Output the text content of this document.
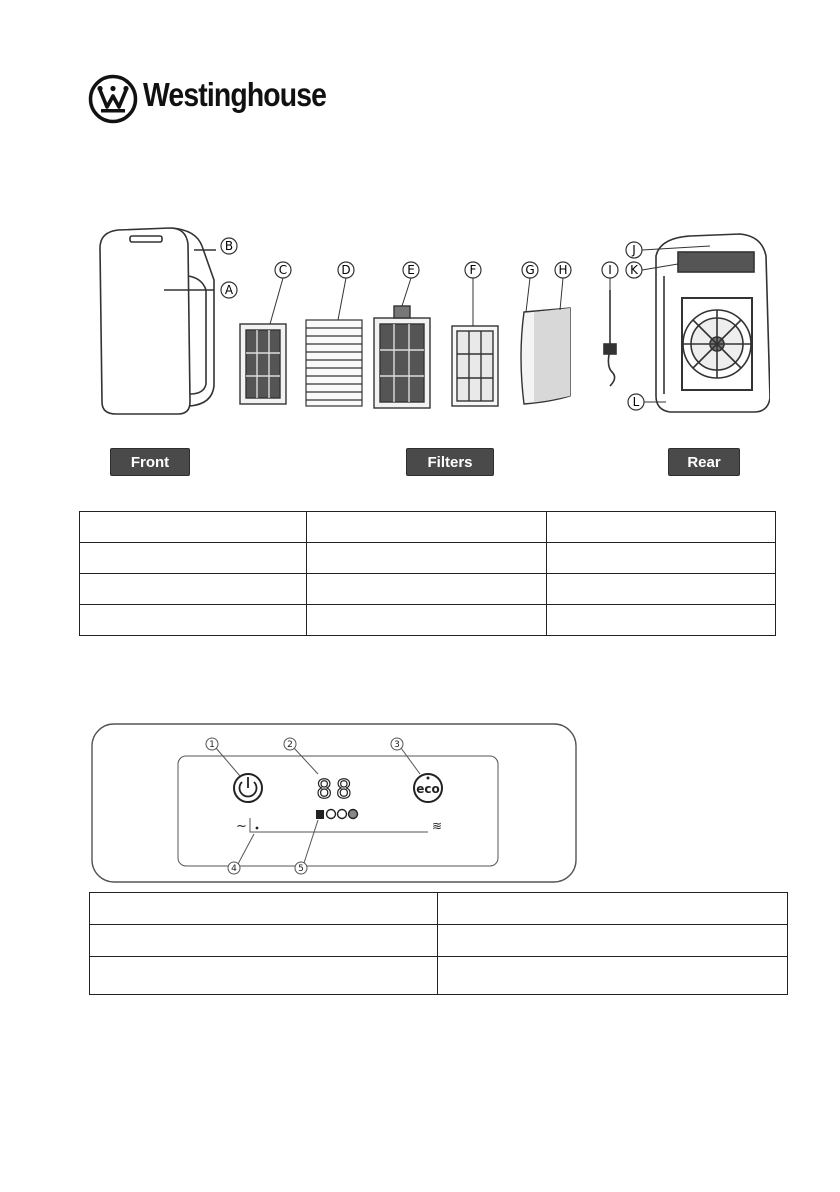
Westinghouse
B
A
C	D	E	F	G H	I
J
K
L
Front	Filters	Rear

88	eco
~	≋
1	2	3
4	5
